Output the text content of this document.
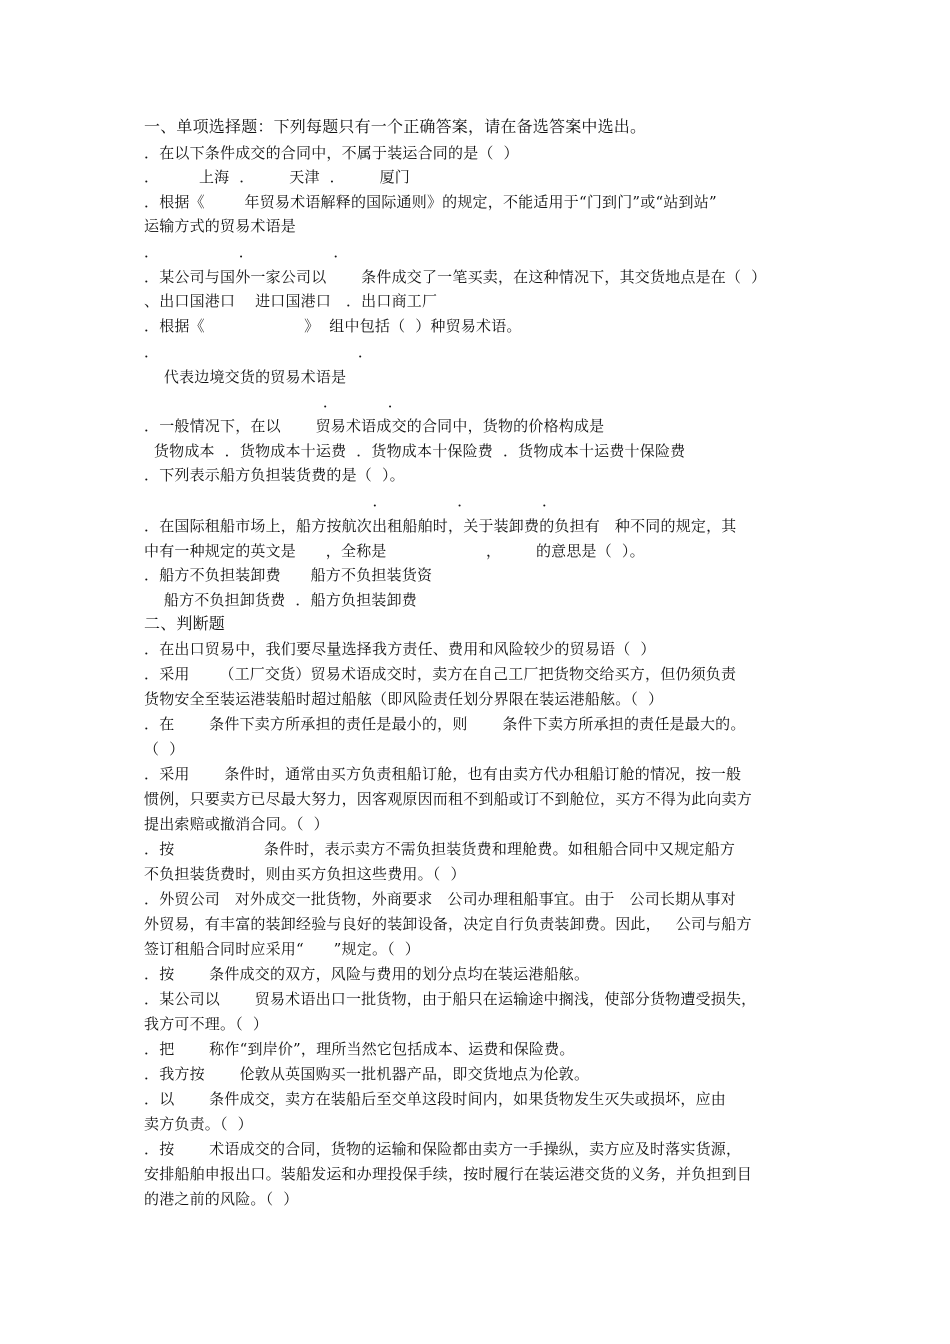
一、单项选择题：下列每题只有一个正确答案，请在备选答案中选出。
．在以下条件成交的合同中，不属于装运合同的是（  ）
．        上海  ．       天津  ．       厦门
．根据《        年贸易术语解释的国际通则》的规定，不能适用于“门到门”或“站到站”
运输方式的贸易术语是
．                ．                ．
．某公司与国外一家公司以       条件成交了一笔买卖，在这种情况下，其交货地点是在（  ）
、出口国港口    进口国港口   ．出口商工厂
．根据《                    》  组中包括（  ）种贸易术语。
．                                        ．
代表边境交货的贸易术语是
．          ．
．一般情况下，在以       贸易术语成交的合同中，货物的价格构成是
货物成本  ．货物成本十运费  ．货物成本十保险费  ．货物成本十运费十保险费
．下列表示船方负担装货费的是（  ）。
．              ．              ．
．在国际租船市场上，船方按航次出租船舶时，关于装卸费的负担有   种不同的规定，其
中有一种规定的英文是      ，全称是                    ，       的意思是（  ）。
．船方不负担装卸费      船方不负担装货资
船方不负担卸货费  ．船方负担装卸费
二、判断题
．在出口贸易中，我们要尽量选择我方责任、费用和风险较少的贸易语（  ）
．采用      （工厂交货）贸易术语成交时，卖方在自己工厂把货物交给买方，但仍须负责
货物安全至装运港装船时超过船舷（即风险责任划分界限在装运港船舷。（  ）
．在       条件下卖方所承担的责任是最小的，则       条件下卖方所承担的责任是最大的。
（  ）
．采用       条件时，通常由买方负责租船订舱，也有由卖方代办租船订舱的情况，按一般
惯例，只要卖方已尽最大努力，因客观原因而租不到船或订不到舱位，买方不得为此向卖方
提出索赔或撤消合同。（  ）
．按                  条件时，表示卖方不需负担装货费和理舱费。如租船合同中又规定船方
不负担装货费时，则由买方负担这些费用。（  ）
．外贸公司   对外成交一批货物，外商要求   公司办理租船事宜。由于   公司长期从事对
外贸易，有丰富的装卸经验与良好的装卸设备，决定自行负责装卸费。因此，   公司与船方
签订租船合同时应采用“      ”规定。（  ）
．按       条件成交的双方，风险与费用的划分点均在装运港船舷。
．某公司以       贸易术语出口一批货物，由于船只在运输途中搁浅，使部分货物遭受损失，
我方可不理。（  ）
．把       称作“到岸价”，理所当然它包括成本、运费和保险费。
．我方按       伦敦从英国购买一批机器产品，即交货地点为伦敦。
．以       条件成交，卖方在装船后至交单这段时间内，如果货物发生灭失或损坏，应由
卖方负责。（  ）
．按       术语成交的合同，货物的运输和保险都由卖方一手操纵，卖方应及时落实货源，
安排船舶申报出口。装船发运和办理投保手续，按时履行在装运港交货的义务，并负担到目
的港之前的风险。（  ）
